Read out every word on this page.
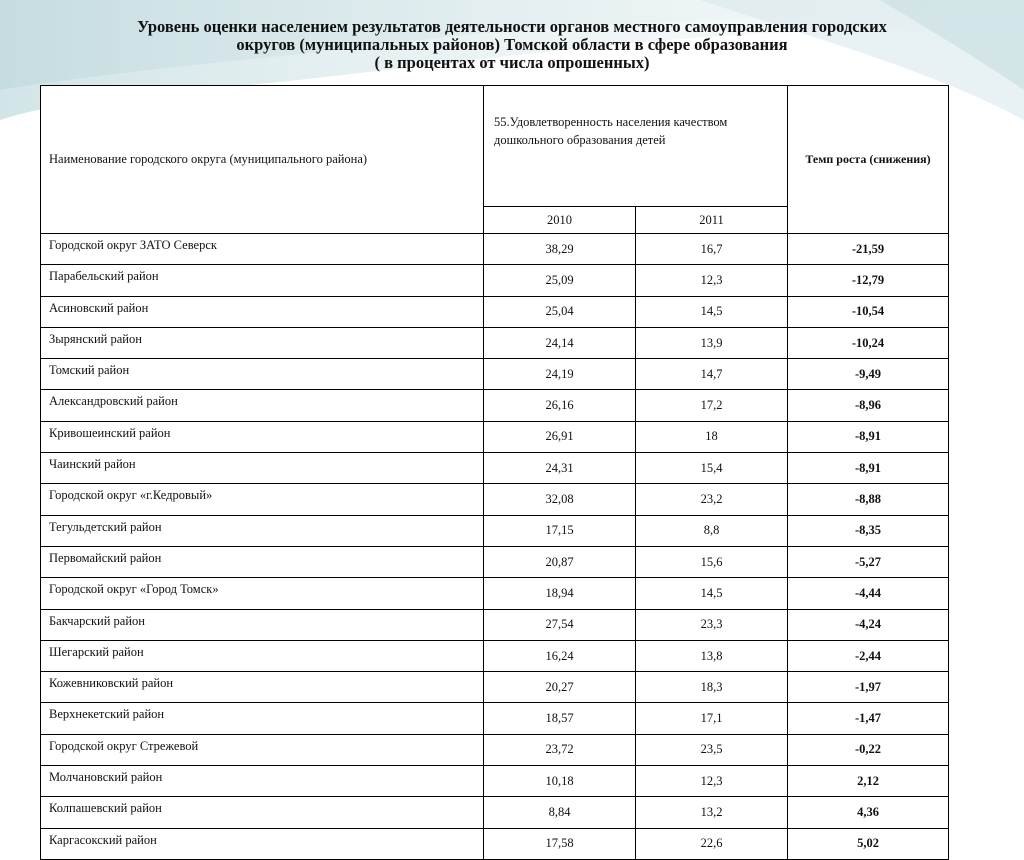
Уровень оценки населением результатов деятельности органов местного самоуправления городских
округов (муниципальных районов) Томской области в сфере образования
( в процентах от числа опрошенных)
Наименование городского округа (муниципального района)	55.Удовлетворенность населения качеством дошкольного образования детей		Темп роста (снижения)
	2010	2011	
Городской округ ЗАТО Северск	38,29	16,7	-21,59
Парабельский район	25,09	12,3	-12,79
Асиновский район	25,04	14,5	-10,54
Зырянский район	24,14	13,9	-10,24
Томский район	24,19	14,7	-9,49
Александровский район	26,16	17,2	-8,96
Кривошеинский район	26,91	18	-8,91
Чаинский район	24,31	15,4	-8,91
Городской округ «г.Кедровый»	32,08	23,2	-8,88
Тегульдетский район	17,15	8,8	-8,35
Первомайский район	20,87	15,6	-5,27
Городской округ «Город Томск»	18,94	14,5	-4,44
Бакчарский район	27,54	23,3	-4,24
Шегарский район	16,24	13,8	-2,44
Кожевниковский район	20,27	18,3	-1,97
Верхнекетский район	18,57	17,1	-1,47
Городской округ Стрежевой	23,72	23,5	-0,22
Молчановский район	10,18	12,3	2,12
Колпашевский район	8,84	13,2	4,36
Каргасокский район	17,58	22,6	5,02
